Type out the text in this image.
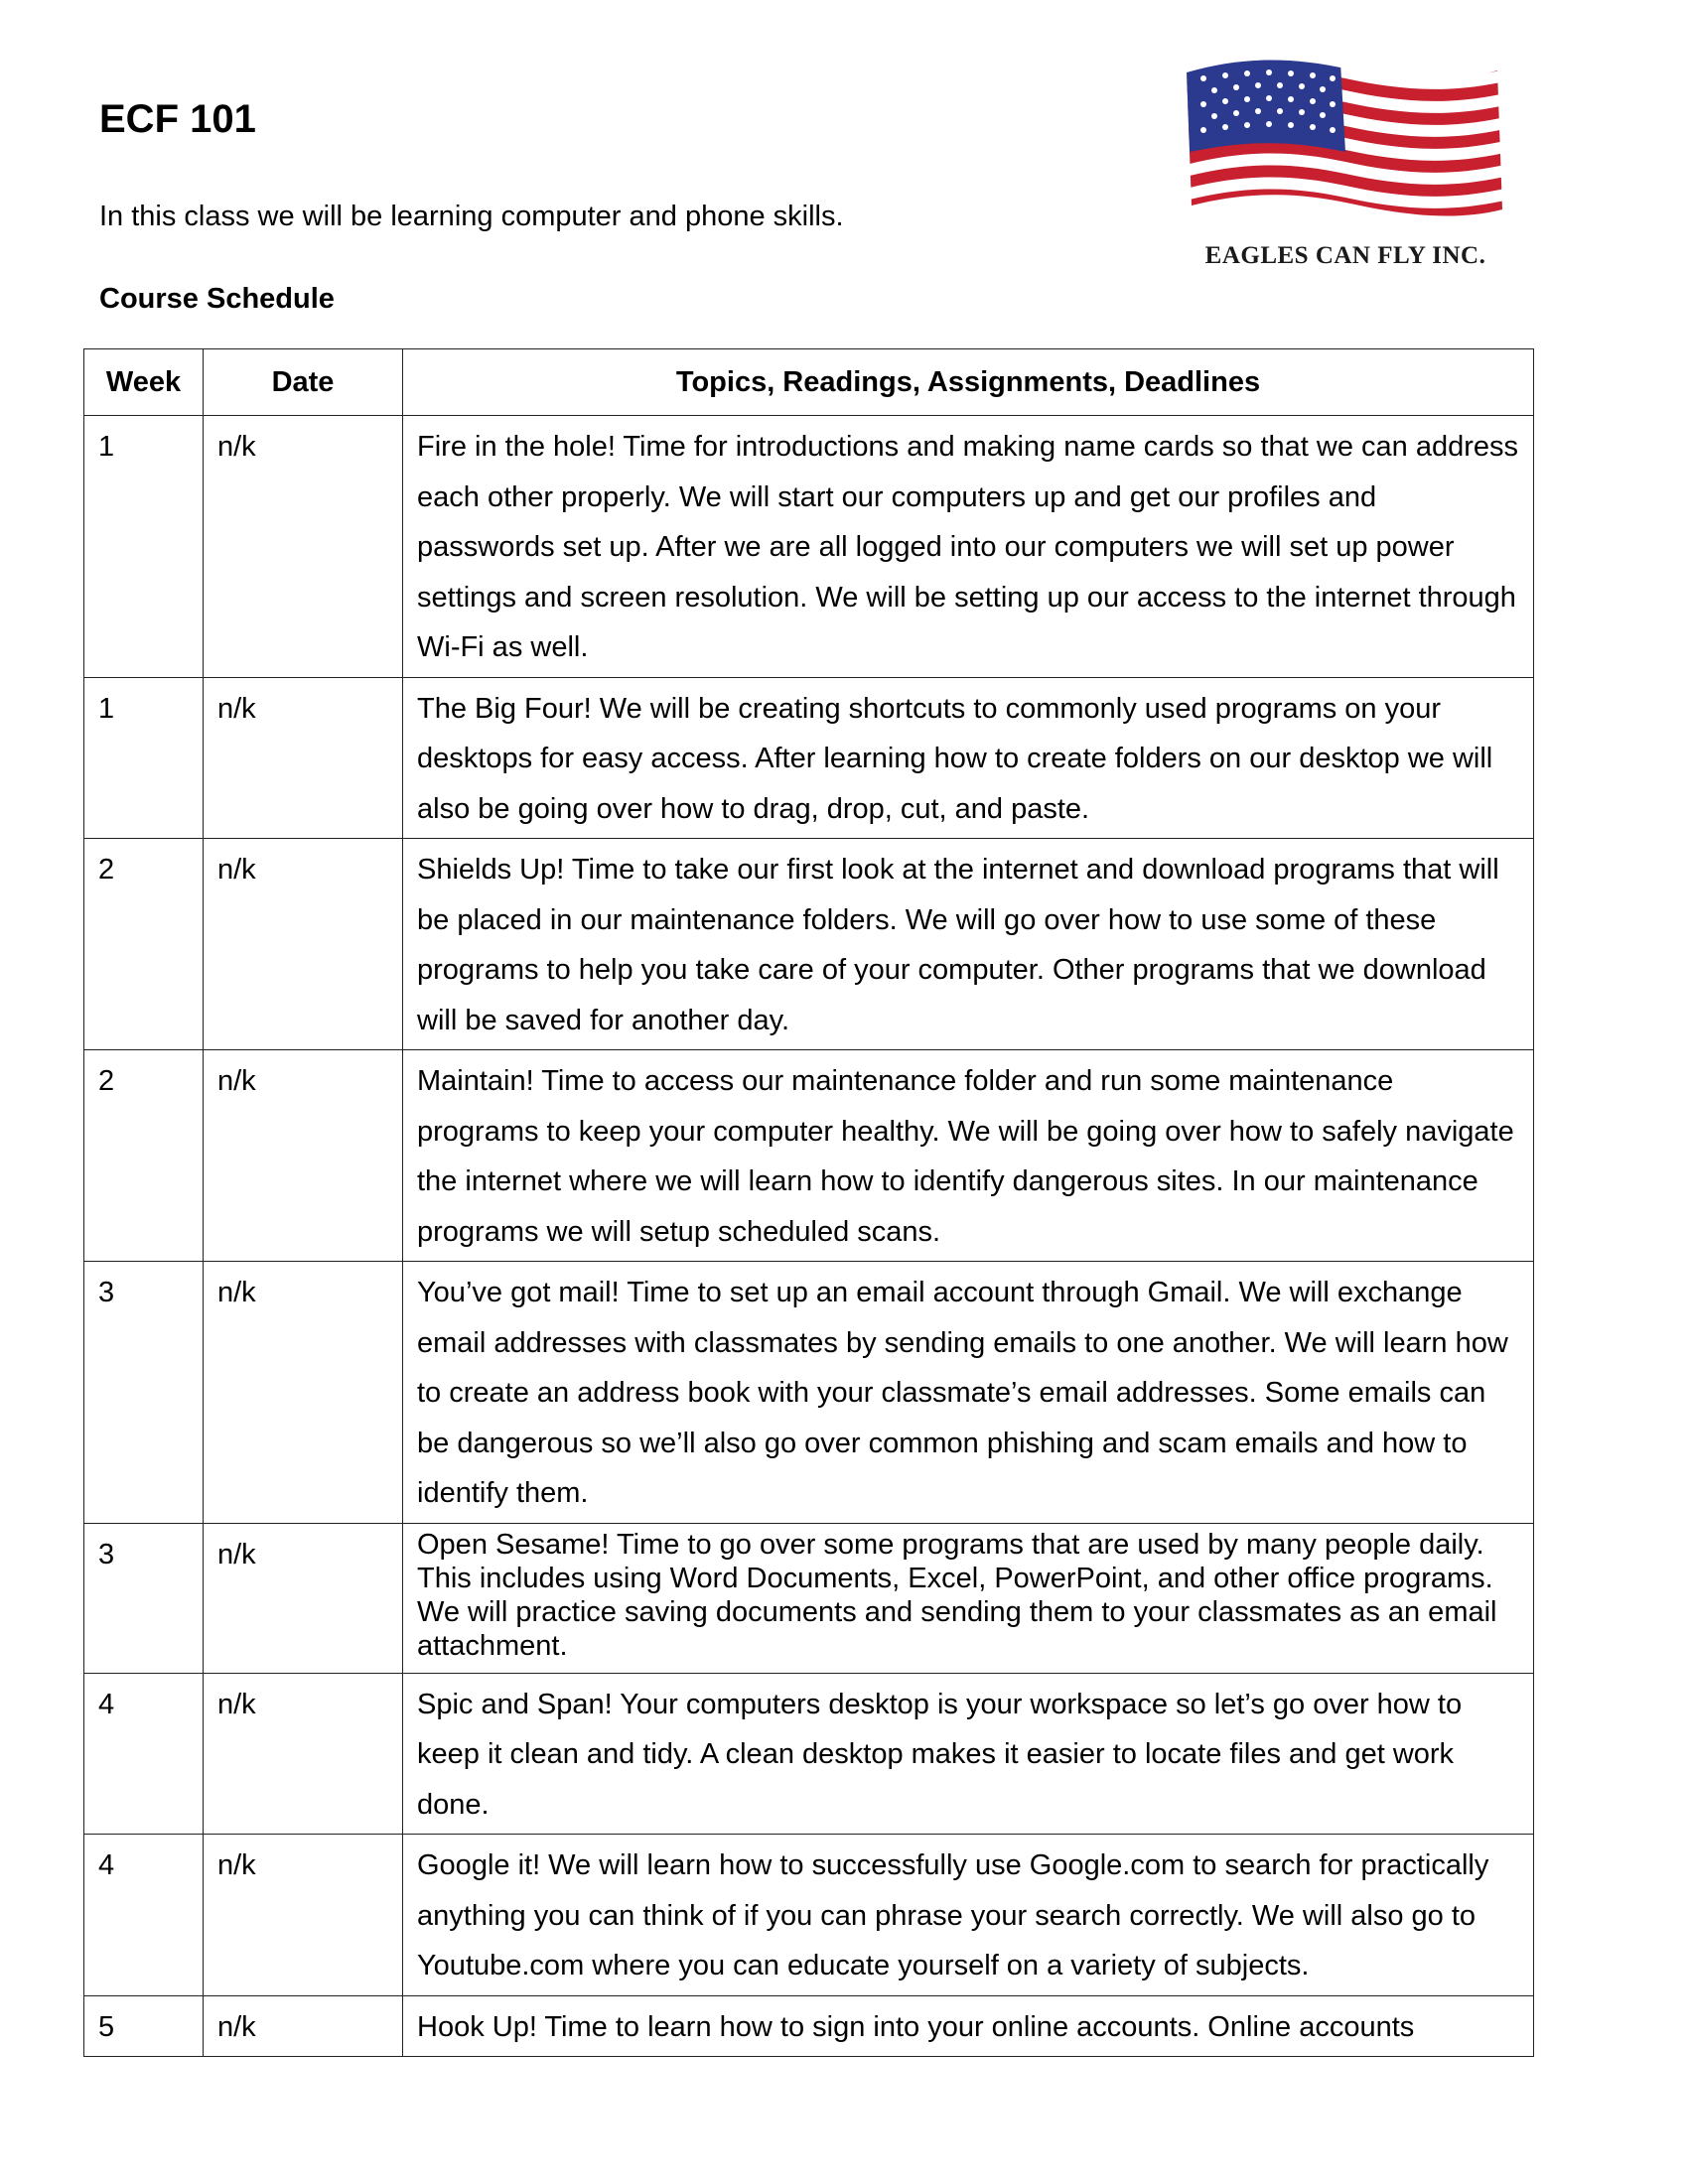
ECF 101

In this class we will be learning computer and phone skills.

Course Schedule

EAGLES CAN FLY INC.
Week	Date	Topics, Readings, Assignments, Deadlines
1	n/k	Fire in the hole! Time for introductions and making name cards so that we can address each other properly. We will start our computers up and get our profiles and passwords set up. After we are all logged into our computers we will set up power settings and screen resolution. We will be setting up our access to the internet through Wi-Fi as well.
1	n/k	The Big Four! We will be creating shortcuts to commonly used programs on your desktops for easy access. After learning how to create folders on our desktop we will also be going over how to drag, drop, cut, and paste.
2	n/k	Shields Up! Time to take our first look at the internet and download programs that will be placed in our maintenance folders. We will go over how to use some of these programs to help you take care of your computer. Other programs that we download will be saved for another day.
2	n/k	Maintain! Time to access our maintenance folder and run some maintenance programs to keep your computer healthy. We will be going over how to safely navigate the internet where we will learn how to identify dangerous sites. In our maintenance programs we will setup scheduled scans.
3	n/k	You’ve got mail! Time to set up an email account through Gmail. We will exchange email addresses with classmates by sending emails to one another. We will learn how to create an address book with your classmate’s email addresses. Some emails can be dangerous so we’ll also go over common phishing and scam emails and how to identify them.
3	n/k	Open Sesame! Time to go over some programs that are used by many people daily. This includes using Word Documents, Excel, PowerPoint, and other office programs. We will practice saving documents and sending them to your classmates as an email attachment.
4	n/k	Spic and Span! Your computers desktop is your workspace so let’s go over how to keep it clean and tidy. A clean desktop makes it easier to locate files and get work done.
4	n/k	Google it! We will learn how to successfully use Google.com to search for practically anything you can think of if you can phrase your search correctly. We will also go to Youtube.com where you can educate yourself on a variety of subjects.
5	n/k	Hook Up! Time to learn how to sign into your online accounts. Online accounts
